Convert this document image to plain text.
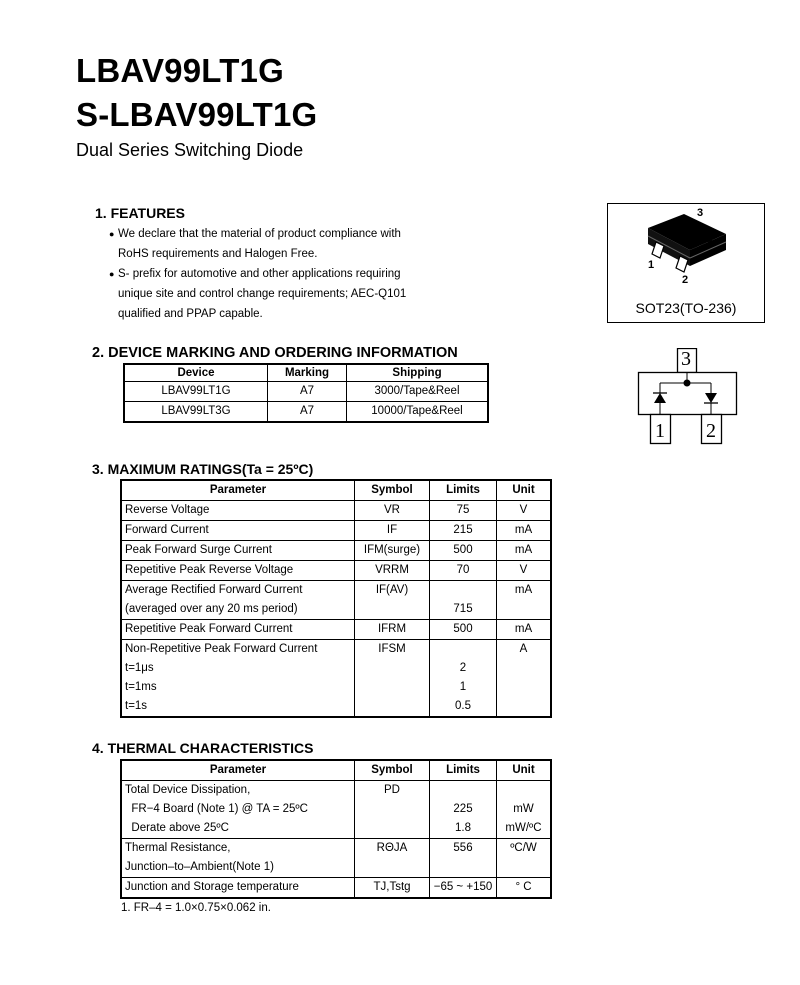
LBAV99LT1G
S-LBAV99LT1G
Dual Series Switching Diode
1. FEATURES
● We declare that the material of product compliance with
RoHS requirements and Halogen Free.
● S- prefix for automotive and other applications requiring
unique site and control change requirements; AEC-Q101
qualified and PPAP capable.
3
1
2
SOT23(TO-236)
3
1 2
2. DEVICE MARKING AND ORDERING INFORMATION
Device	Marking	Shipping
LBAV99LT1G	A7	3000/Tape&Reel
LBAV99LT3G	A7	10000/Tape&Reel
3. MAXIMUM RATINGS(Ta = 25ºC)
Parameter	Symbol	Limits	Unit
Reverse Voltage	VR	75	V
Forward Current	IF	215	mA
Peak Forward Surge Current	IFM(surge)	500	mA
Repetitive Peak Reverse Voltage	VRRM	70	V
Average Rectified Forward Current	IF(AV)		mA
(averaged over any 20 ms period)		715	
Repetitive Peak Forward Current	IFRM	500	mA
Non-Repetitive Peak Forward Current	IFSM		A
t=1μs		2	
t=1ms		1	
t=1s		0.5	
4. THERMAL CHARACTERISTICS
Parameter	Symbol	Limits	Unit
Total Device Dissipation,	PD		
FR−4 Board (Note 1) @ TA = 25ºC		225	mW
Derate above 25ºC		1.8	mW/ºC
Thermal Resistance,	RΘJA	556	ºC/W
Junction–to–Ambient(Note 1)			
Junction and Storage temperature	TJ,Tstg	−65 ~ +150	° C
1. FR–4 = 1.0×0.75×0.062 in.
